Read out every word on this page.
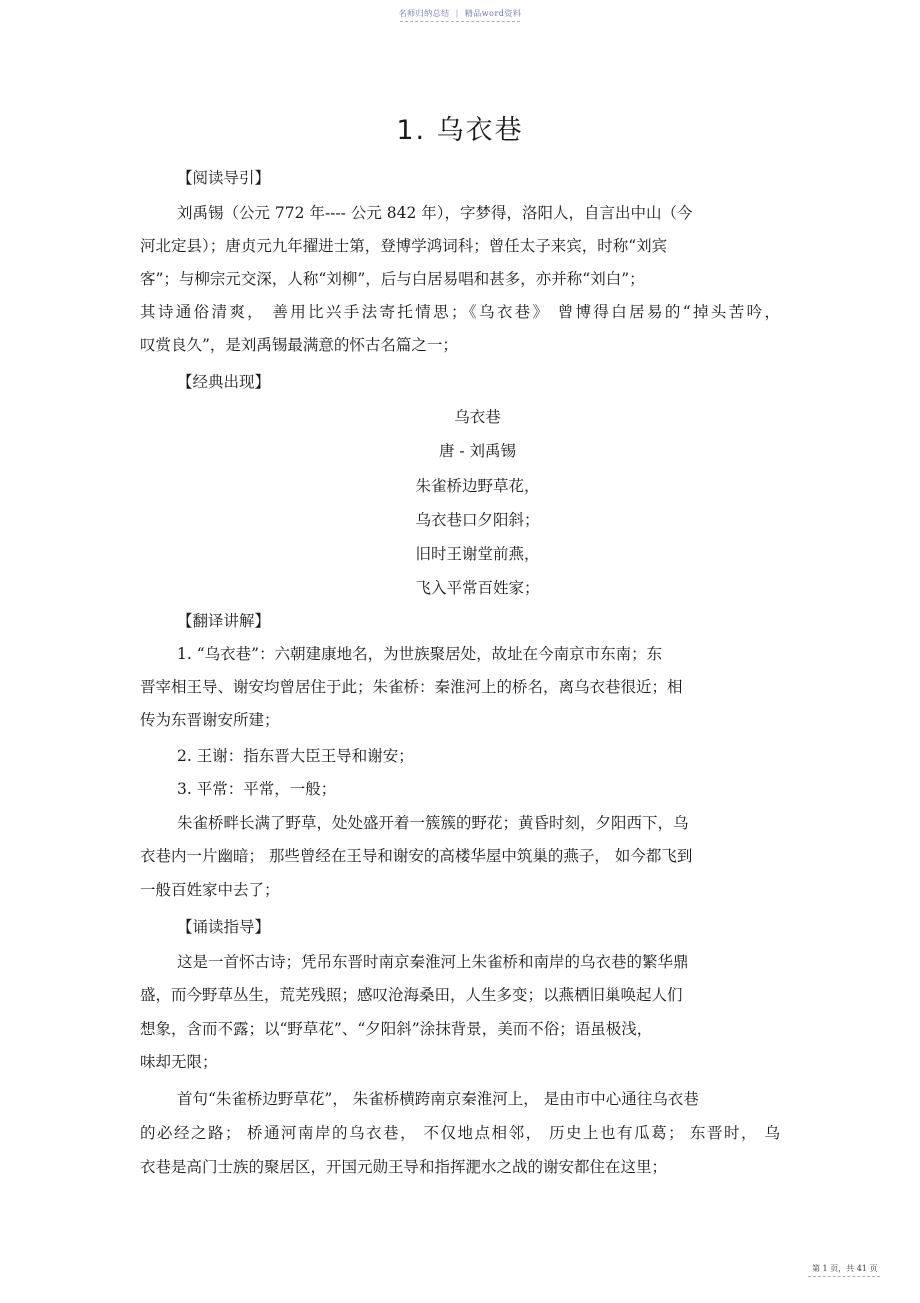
名师归纳总结 | 精品word资料
1. 乌衣巷
【阅读导引】
刘禹锡（公元 772 年---- 公元 842 年），字梦得，洛阳人，自言出中山（今
河北定县）；唐贞元九年擢进士第，登博学鸿词科；曾任太子来宾，时称“刘宾
客”；与柳宗元交深，人称“刘柳”，后与白居易唱和甚多，亦并称“刘白”；
其诗通俗清爽， 善用比兴手法寄托情思；《乌衣巷》 曾博得白居易的“掉头苦吟，
叹赏良久”，是刘禹锡最满意的怀古名篇之一；
【经典出现】
乌衣巷
唐 - 刘禹锡
朱雀桥边野草花，
乌衣巷口夕阳斜；
旧时王谢堂前燕，
飞入平常百姓家；
【翻译讲解】
1. “乌衣巷”：六朝建康地名，为世族聚居处，故址在今南京市东南；东
晋宰相王导、谢安均曾居住于此；朱雀桥：秦淮河上的桥名，离乌衣巷很近；相
传为东晋谢安所建；
2. 王谢：指东晋大臣王导和谢安；
3. 平常：平常，一般；
朱雀桥畔长满了野草，处处盛开着一簇簇的野花；黄昏时刻，夕阳西下，乌
衣巷内一片幽暗； 那些曾经在王导和谢安的高楼华屋中筑巢的燕子， 如今都飞到
一般百姓家中去了；
【诵读指导】
这是一首怀古诗；凭吊东晋时南京秦淮河上朱雀桥和南岸的乌衣巷的繁华鼎
盛，而今野草丛生，荒芜残照；感叹沧海桑田，人生多变；以燕栖旧巢唤起人们
想象，含而不露；以“野草花”、“夕阳斜”涂抹背景，美而不俗；语虽极浅，
味却无限；
首句“朱雀桥边野草花”， 朱雀桥横跨南京秦淮河上， 是由市中心通往乌衣巷
的必经之路； 桥通河南岸的乌衣巷， 不仅地点相邻， 历史上也有瓜葛； 东晋时， 乌
衣巷是高门士族的聚居区，开国元勋王导和指挥淝水之战的谢安都住在这里；
第 1 页，共 41 页
